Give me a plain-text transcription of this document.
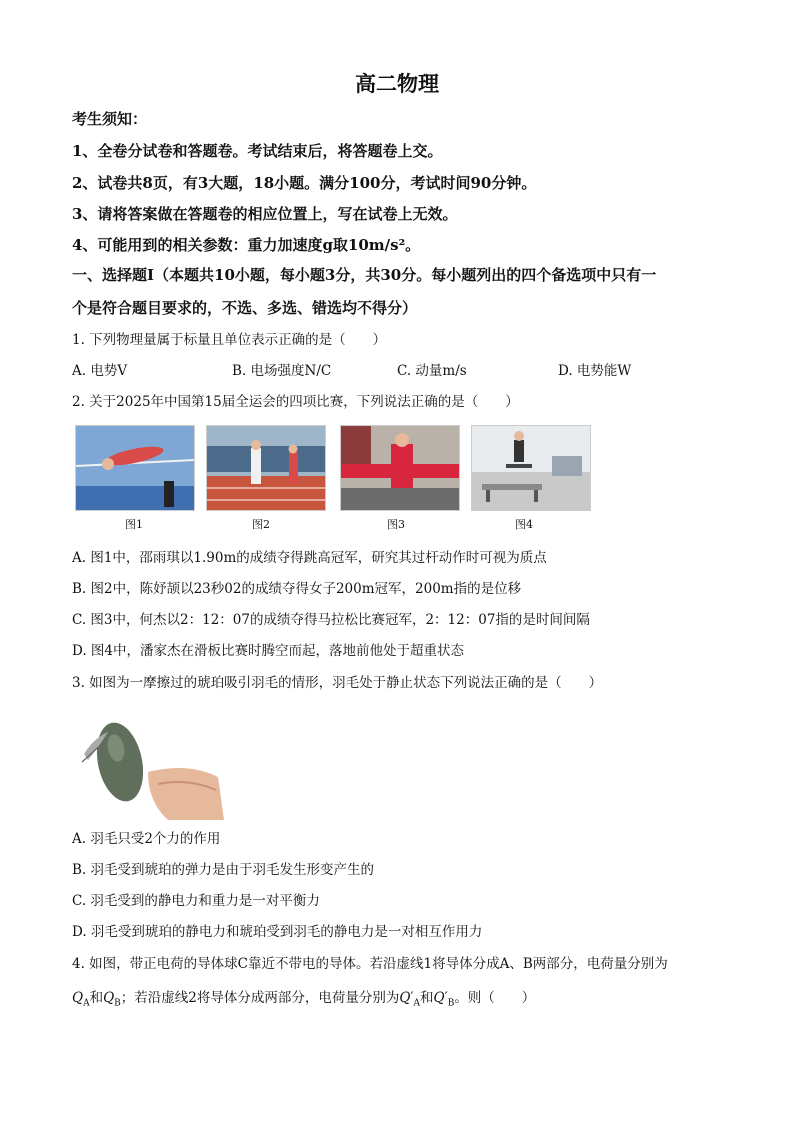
高二物理
考生须知：
1、全卷分试卷和答题卷。考试结束后，将答题卷上交。
2、试卷共8页，有3大题，18小题。满分100分，考试时间90分钟。
3、请将答案做在答题卷的相应位置上，写在试卷上无效。
4、可能用到的相关参数：重力加速度g取10m/s²。
一、选择题Ⅰ（本题共10小题，每小题3分，共30分。每小题列出的四个备选项中只有一
个是符合题目要求的，不选、多选、错选均不得分）
1. 下列物理量属于标量且单位表示正确的是（　　）
A. 电势V	B. 电场强度N/C	C. 动量m/s	D. 电势能W
2. 关于2025年中国第15届全运会的四项比赛，下列说法正确的是（　　）
图1	图2	图3	图4
A. 图1中，邵雨琪以1.90m的成绩夺得跳高冠军，研究其过杆动作时可视为质点
B. 图2中，陈妤颉以23秒02的成绩夺得女子200m冠军，200m指的是位移
C. 图3中，何杰以2：12：07的成绩夺得马拉松比赛冠军，2：12：07指的是时间间隔
D. 图4中，潘家杰在滑板比赛时腾空而起，落地前他处于超重状态
3. 如图为一摩擦过的琥珀吸引羽毛的情形，羽毛处于静止状态下列说法正确的是（　　）
A. 羽毛只受2个力的作用
B. 羽毛受到琥珀的弹力是由于羽毛发生形变产生的
C. 羽毛受到的静电力和重力是一对平衡力
D. 羽毛受到琥珀的静电力和琥珀受到羽毛的静电力是一对相互作用力
4. 如图，带正电荷的导体球C靠近不带电的导体。若沿虚线1将导体分成A、B两部分，电荷量分别为
$Q_A$和$Q_B$；若沿虚线2将导体分成两部分，电荷量分别为$Q'_A$和$Q'_B$。则（　　）
